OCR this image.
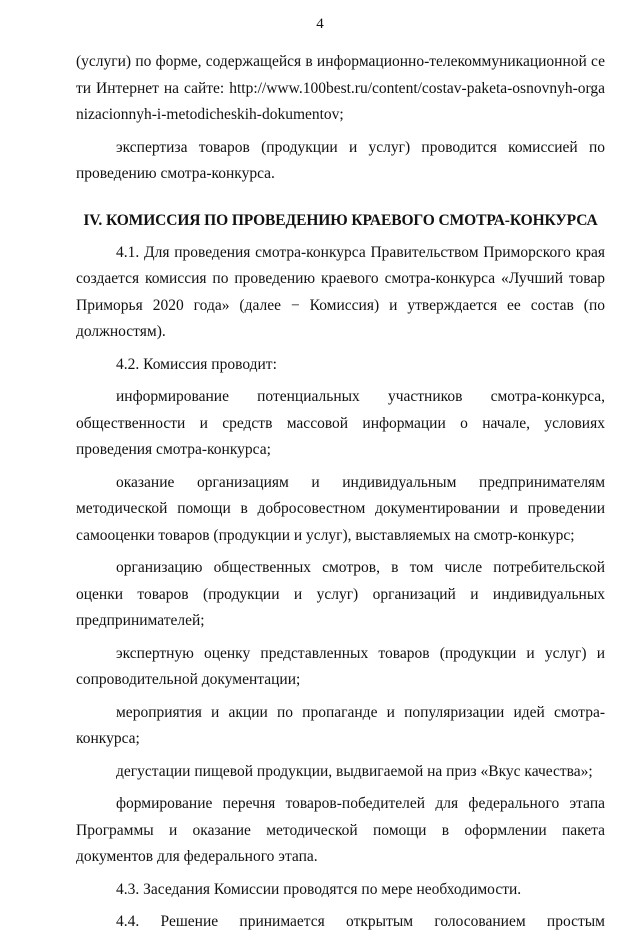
4

(услуги) по форме, содержащейся в информационно-телекоммуникационной сети Интернет на сайте: http://www.100best.ru/content/costav-paketa-osnovnyh-organizacionnyh-i-metodicheskih-dokumentov;

экспертиза товаров (продукции и услуг) проводится комиссией по проведению смотра-конкурса.

IV. КОМИССИЯ ПО ПРОВЕДЕНИЮ КРАЕВОГО СМОТРА-КОНКУРСА

4.1. Для проведения смотра-конкурса Правительством Приморского края создается комиссия по проведению краевого смотра-конкурса «Лучший товар Приморья 2020 года» (далее − Комиссия) и утверждается ее состав (по должностям).

4.2. Комиссия проводит:

информирование потенциальных участников смотра-конкурса, общественности и средств массовой информации о начале, условиях проведения смотра-конкурса;

оказание организациям и индивидуальным предпринимателям методической помощи в добросовестном документировании и проведении самооценки товаров (продукции и услуг), выставляемых на смотр-конкурс;

организацию общественных смотров, в том числе потребительской оценки товаров (продукции и услуг) организаций и индивидуальных предпринимателей;

экспертную оценку представленных товаров (продукции и услуг) и сопроводительной документации;

мероприятия и акции по пропаганде и популяризации идей смотра-конкурса;

дегустации пищевой продукции, выдвигаемой на приз «Вкус качества»;

формирование перечня товаров-победителей для федерального этапа Программы и оказание методической помощи в оформлении пакета документов для федерального этапа.

4.3. Заседания Комиссии проводятся по мере необходимости.

4.4. Решение принимается открытым голосованием простым
